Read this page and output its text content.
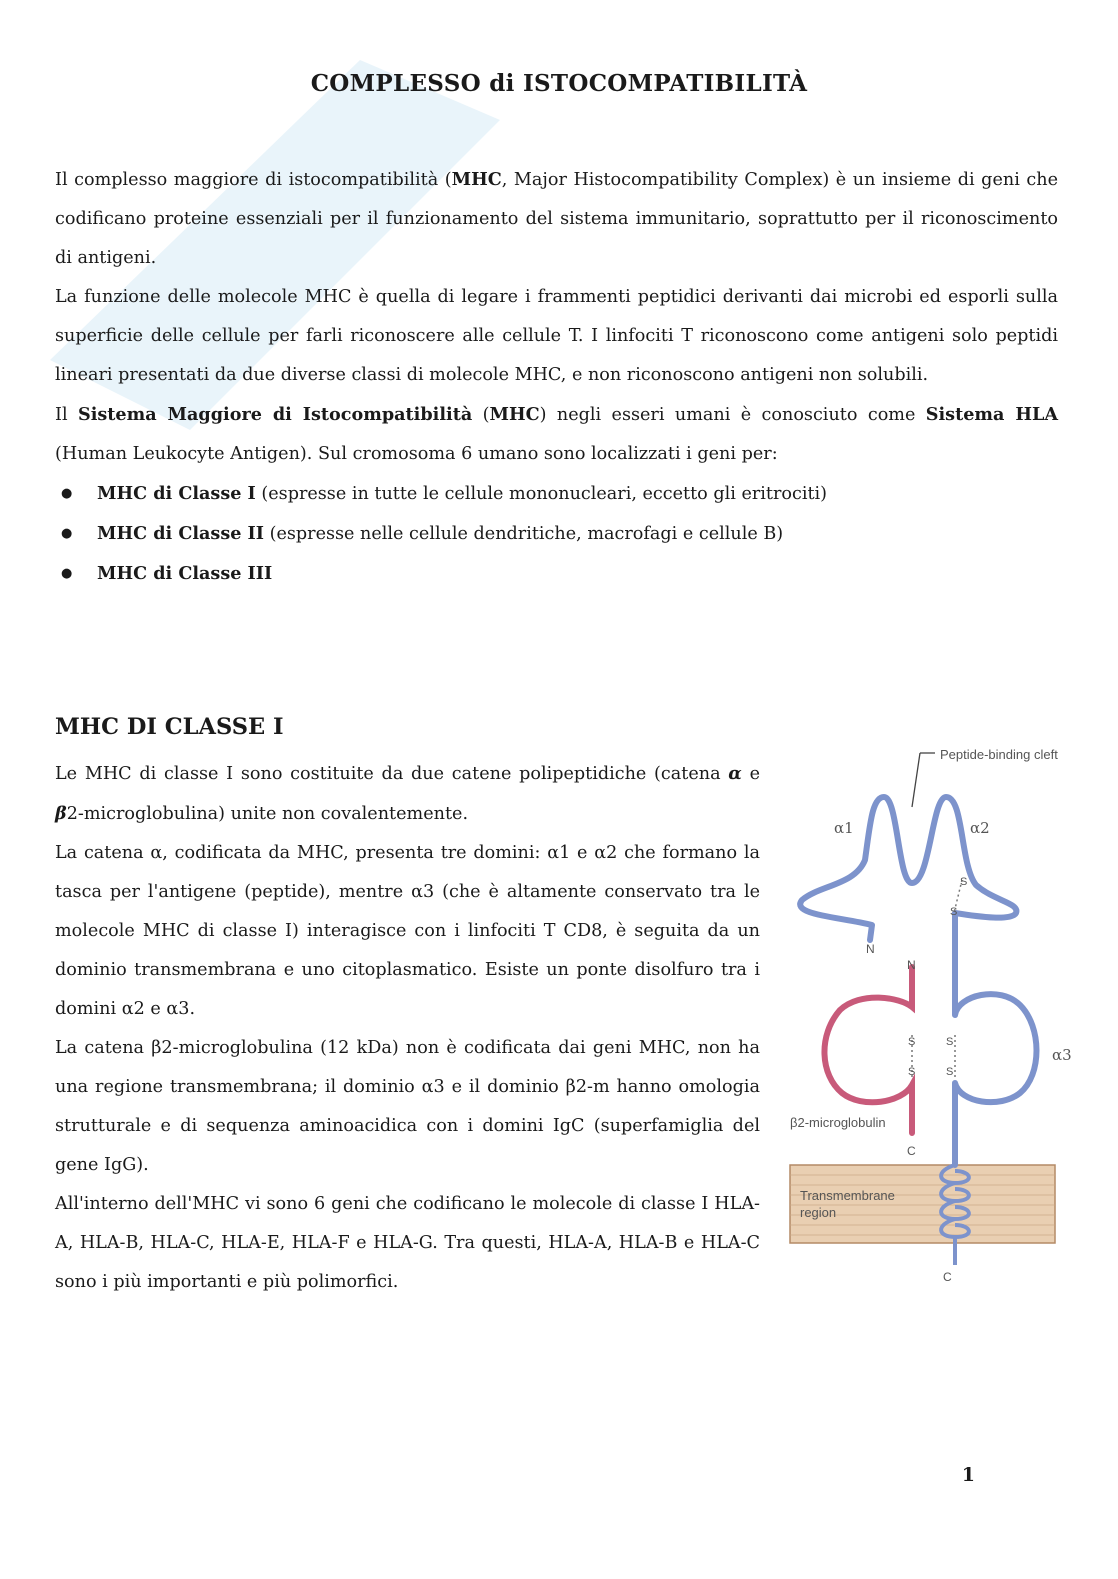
COMPLESSO di ISTOCOMPATIBILITÀ

Il complesso maggiore di istocompatibilità (MHC, Major Histocompatibility Complex) è un insieme di geni che codificano proteine essenziali per il funzionamento del sistema immunitario, soprattutto per il riconoscimento di antigeni.

La funzione delle molecole MHC è quella di legare i frammenti peptidici derivanti dai microbi ed esporli sulla superficie delle cellule per farli riconoscere alle cellule T. I linfociti T riconoscono come antigeni solo peptidi lineari presentati da due diverse classi di molecole MHC, e non riconoscono antigeni non solubili.

Il Sistema Maggiore di Istocompatibilità (MHC) negli esseri umani è conosciuto come Sistema HLA (Human Leukocyte Antigen). Sul cromosoma 6 umano sono localizzati i geni per:

● MHC di Classe I (espresse in tutte le cellule mononucleari, eccetto gli eritrociti)
● MHC di Classe II (espresse nelle cellule dendritiche, macrofagi e cellule B)
● MHC di Classe III
MHC DI CLASSE I

Le MHC di classe I sono costituite da due catene polipeptidiche (catena α e β2-microglobulina) unite non covalentemente.

La catena α, codificata da MHC, presenta tre domini: α1 e α2 che formano la tasca per l'antigene (peptide), mentre α3 (che è altamente conservato tra le molecole MHC di classe I) interagisce con i linfociti T CD8, è seguita da un dominio transmembrana e uno citoplasmatico. Esiste un ponte disolfuro tra i domini α2 e α3.

La catena β2-microglobulina (12 kDa) non è codificata dai geni MHC, non ha una regione transmembrana; il dominio α3 e il dominio β2-m hanno omologia strutturale e di sequenza aminoacidica con i domini IgC (superfamiglia del gene IgG).

All'interno dell'MHC vi sono 6 geni che codificano le molecole di classe I HLA-A, HLA-B, HLA-C, HLA-E, HLA-F e HLA-G. Tra questi, HLA-A, HLA-B e HLA-C sono i più importanti e più polimorfici.

Transmembrane
region
S
S
S
S
S
S
Peptide-binding cleft
α1	α2
α3
N
N
C
C
β2-microglobulin
1
